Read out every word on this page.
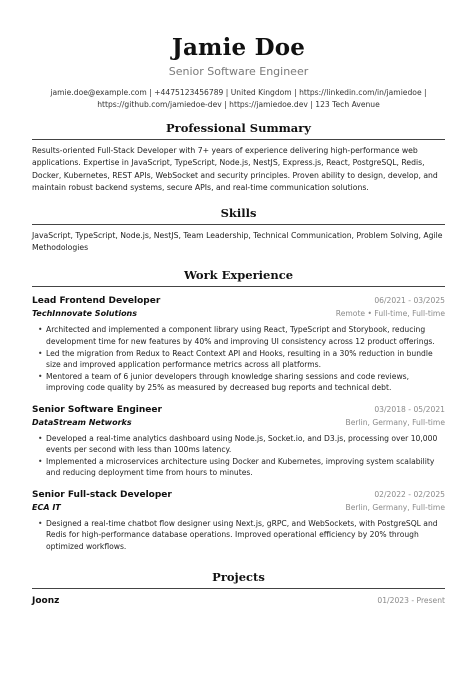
Jamie Doe
Senior Software Engineer
jamie.doe@example.com | +4475123456789 | United Kingdom | https://linkedin.com/in/jamiedoe |
https://github.com/jamiedoe-dev | https://jamiedoe.dev | 123 Tech Avenue
Professional Summary
Results-oriented Full-Stack Developer with 7+ years of experience delivering high-performance web applications. Expertise in JavaScript, TypeScript, Node.js, NestJS, Express.js, React, PostgreSQL, Redis, Docker, Kubernetes, REST APIs, WebSocket and security principles. Proven ability to design, develop, and maintain robust backend systems, secure APIs, and real-time communication solutions.
Skills
JavaScript, TypeScript, Node.js, NestJS, Team Leadership, Technical Communication, Problem Solving, Agile Methodologies
Work Experience
Lead Frontend Developer	06/2021 - 03/2025
TechInnovate Solutions	Remote • Full-time, Full-time
• Architected and implemented a component library using React, TypeScript and Storybook, reducing development time for new features by 40% and improving UI consistency across 12 product offerings.
• Led the migration from Redux to React Context API and Hooks, resulting in a 30% reduction in bundle size and improved application performance metrics across all platforms.
• Mentored a team of 6 junior developers through knowledge sharing sessions and code reviews, improving code quality by 25% as measured by decreased bug reports and technical debt.
Senior Software Engineer	03/2018 - 05/2021
DataStream Networks	Berlin, Germany, Full-time
• Developed a real-time analytics dashboard using Node.js, Socket.io, and D3.js, processing over 10,000 events per second with less than 100ms latency.
• Implemented a microservices architecture using Docker and Kubernetes, improving system scalability and reducing deployment time from hours to minutes.
Senior Full-stack Developer	02/2022 - 02/2025
ECA IT	Berlin, Germany, Full-time
• Designed a real-time chatbot flow designer using Next.js, gRPC, and WebSockets, with PostgreSQL and Redis for high-performance database operations. Improved operational efficiency by 20% through optimized workflows.
Projects
Joonz	01/2023 - Present
